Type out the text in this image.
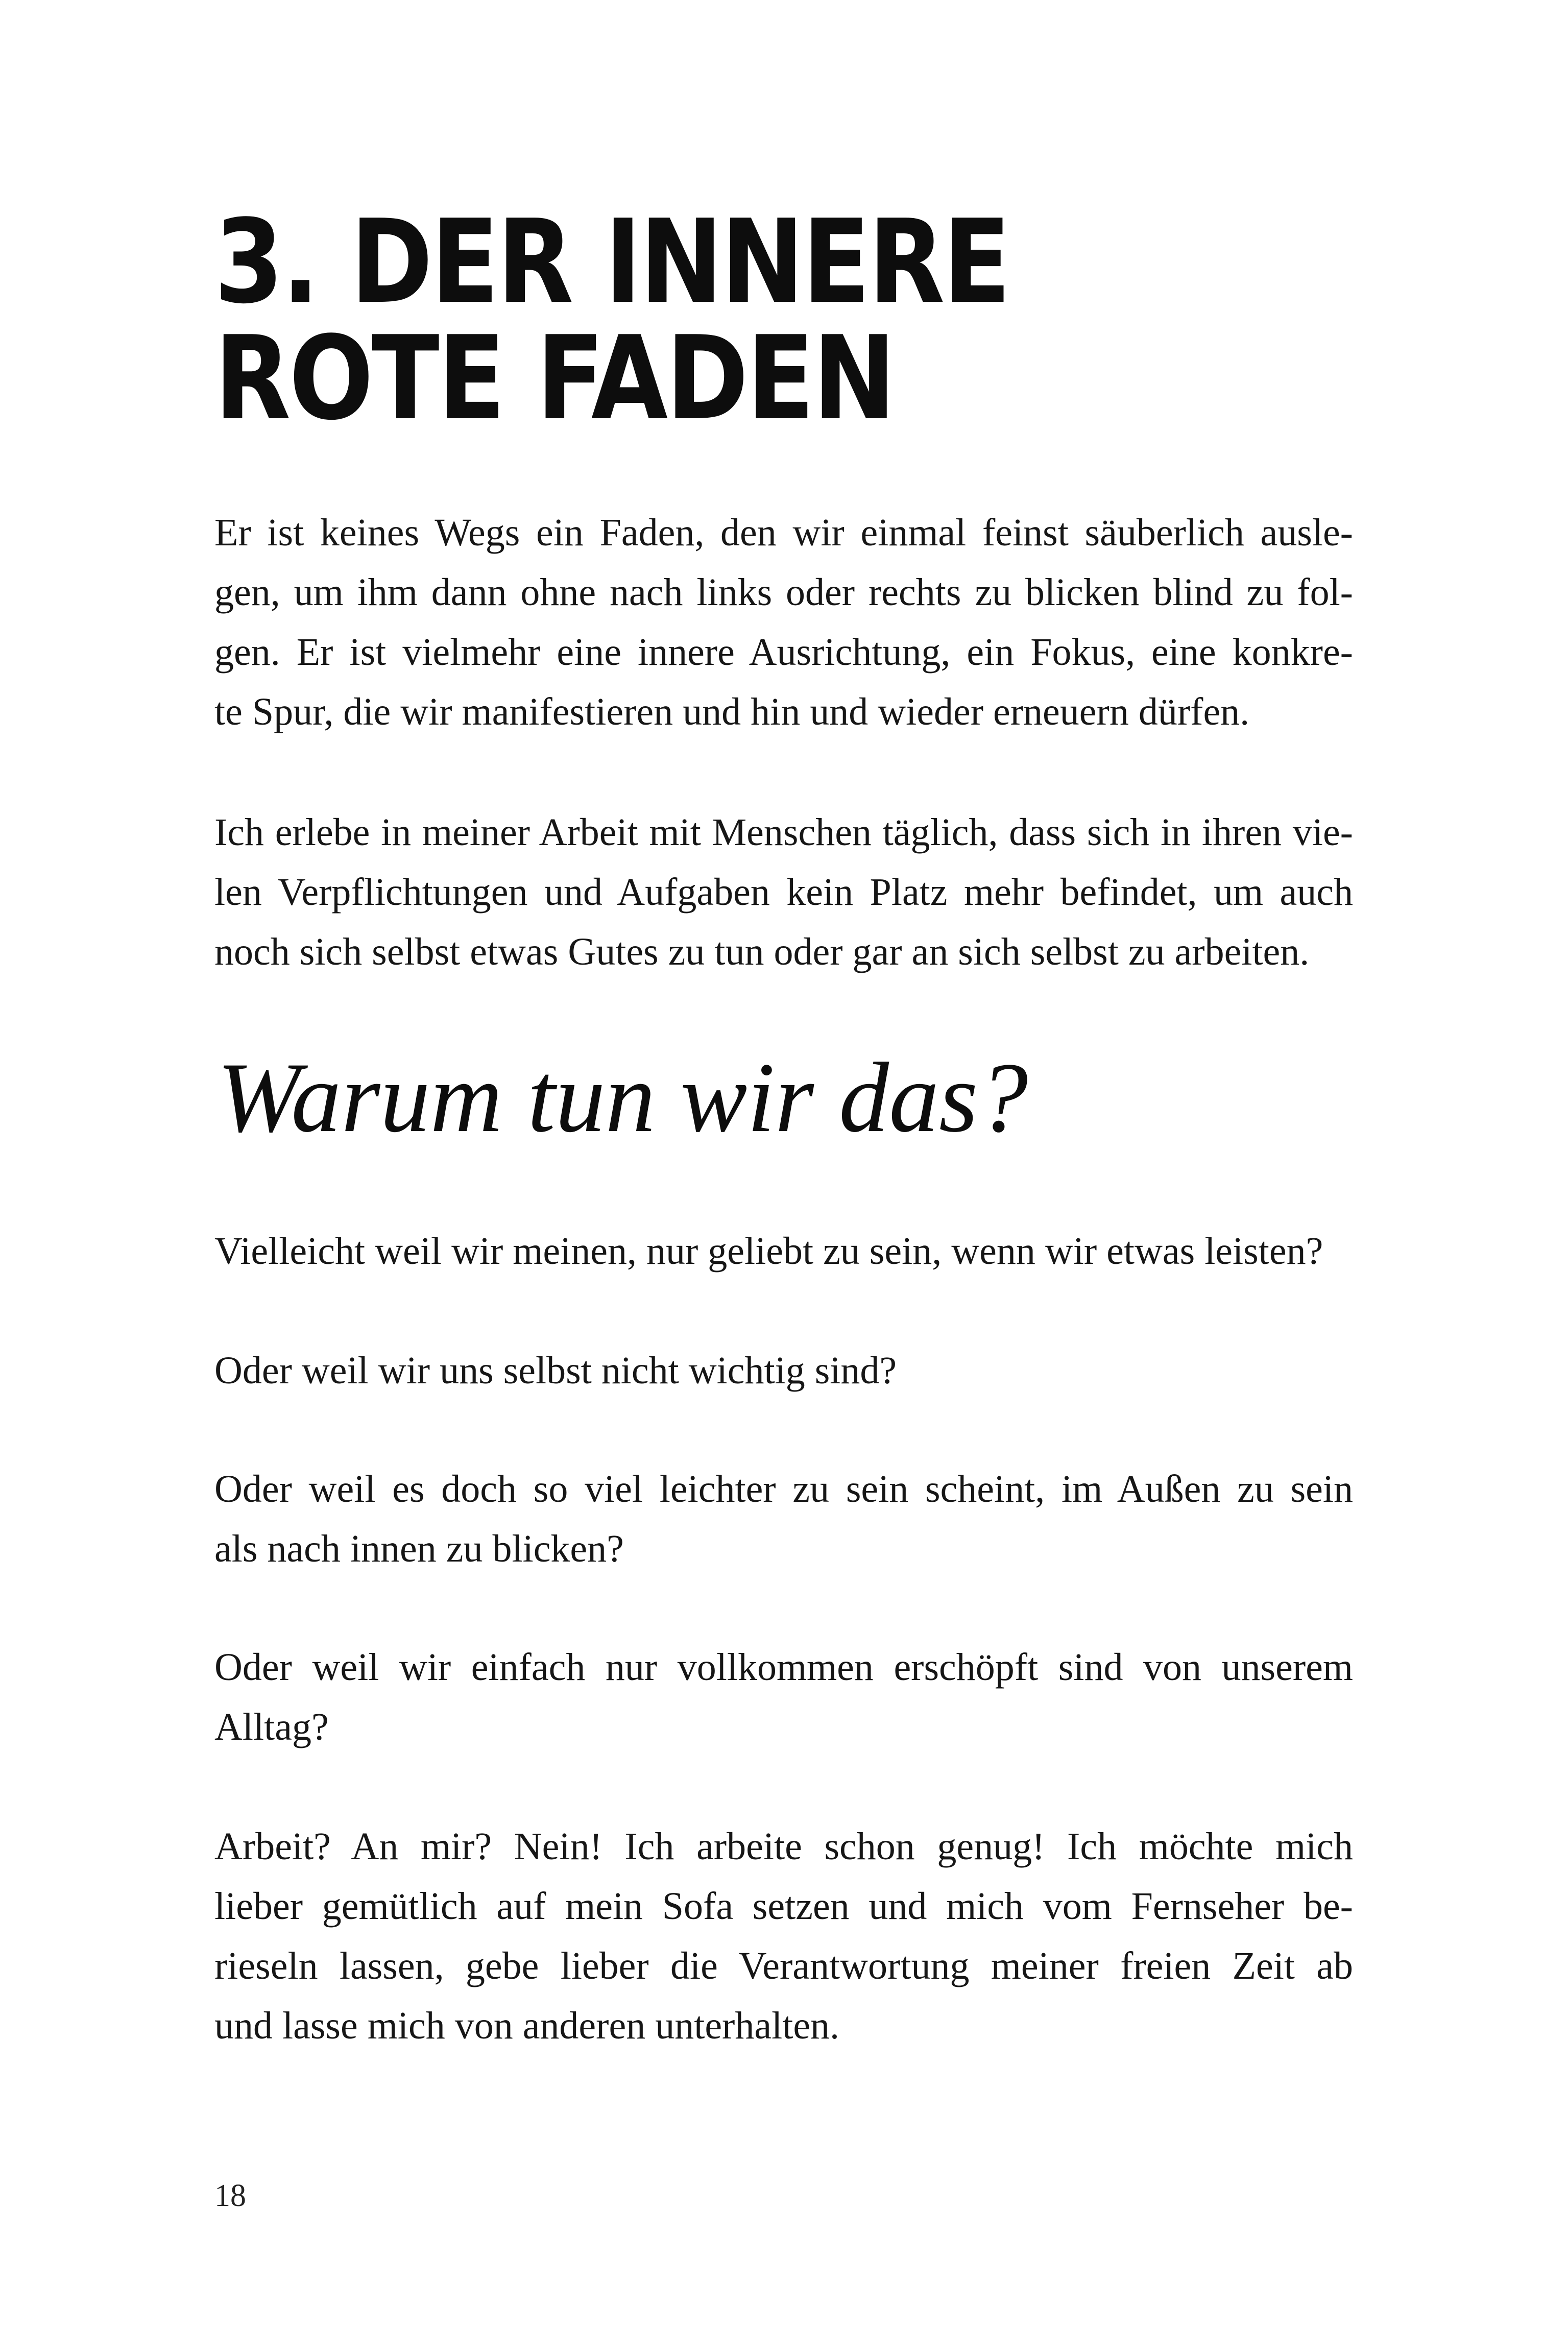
3. DER INNERE
ROTE FADEN

Er ist keines Wegs ein Faden, den wir einmal feinst säuberlich ausle-
gen, um ihm dann ohne nach links oder rechts zu blicken blind zu fol-
gen. Er ist vielmehr eine innere Ausrichtung, ein Fokus, eine konkre-
te Spur, die wir manifestieren und hin und wieder erneuern dürfen.

Ich erlebe in meiner Arbeit mit Menschen täglich, dass sich in ihren vie-
len Verpflichtungen und Aufgaben kein Platz mehr befindet, um auch
noch sich selbst etwas Gutes zu tun oder gar an sich selbst zu arbeiten.

Warum tun wir das?

Vielleicht weil wir meinen, nur geliebt zu sein, wenn wir etwas leisten?

Oder weil wir uns selbst nicht wichtig sind?

Oder weil es doch so viel leichter zu sein scheint, im Außen zu sein
als nach innen zu blicken?

Oder weil wir einfach nur vollkommen erschöpft sind von unserem
Alltag?

Arbeit? An mir? Nein! Ich arbeite schon genug! Ich möchte mich
lieber gemütlich auf mein Sofa setzen und mich vom Fernseher be-
rieseln lassen, gebe lieber die Verantwortung meiner freien Zeit ab
und lasse mich von anderen unterhalten.

18
